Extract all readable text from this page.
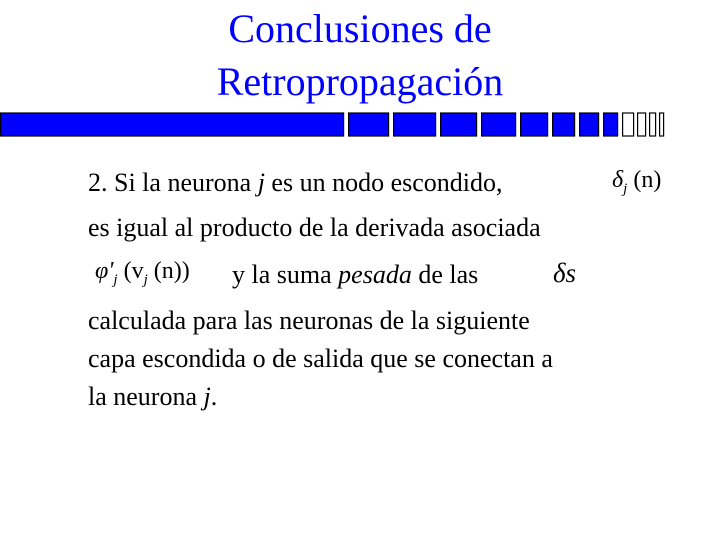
Conclusiones de
Retropropagación
2. Si la neurona j es un nodo escondido,	$\delta_j$ (n)
es igual al producto de la derivada asociada
$\varphi'_j$ ($v_j$ (n)) y la suma pesada de las	δs
calculada para las neuronas de la siguiente
capa escondida o de salida que se conectan a
la neurona j.
